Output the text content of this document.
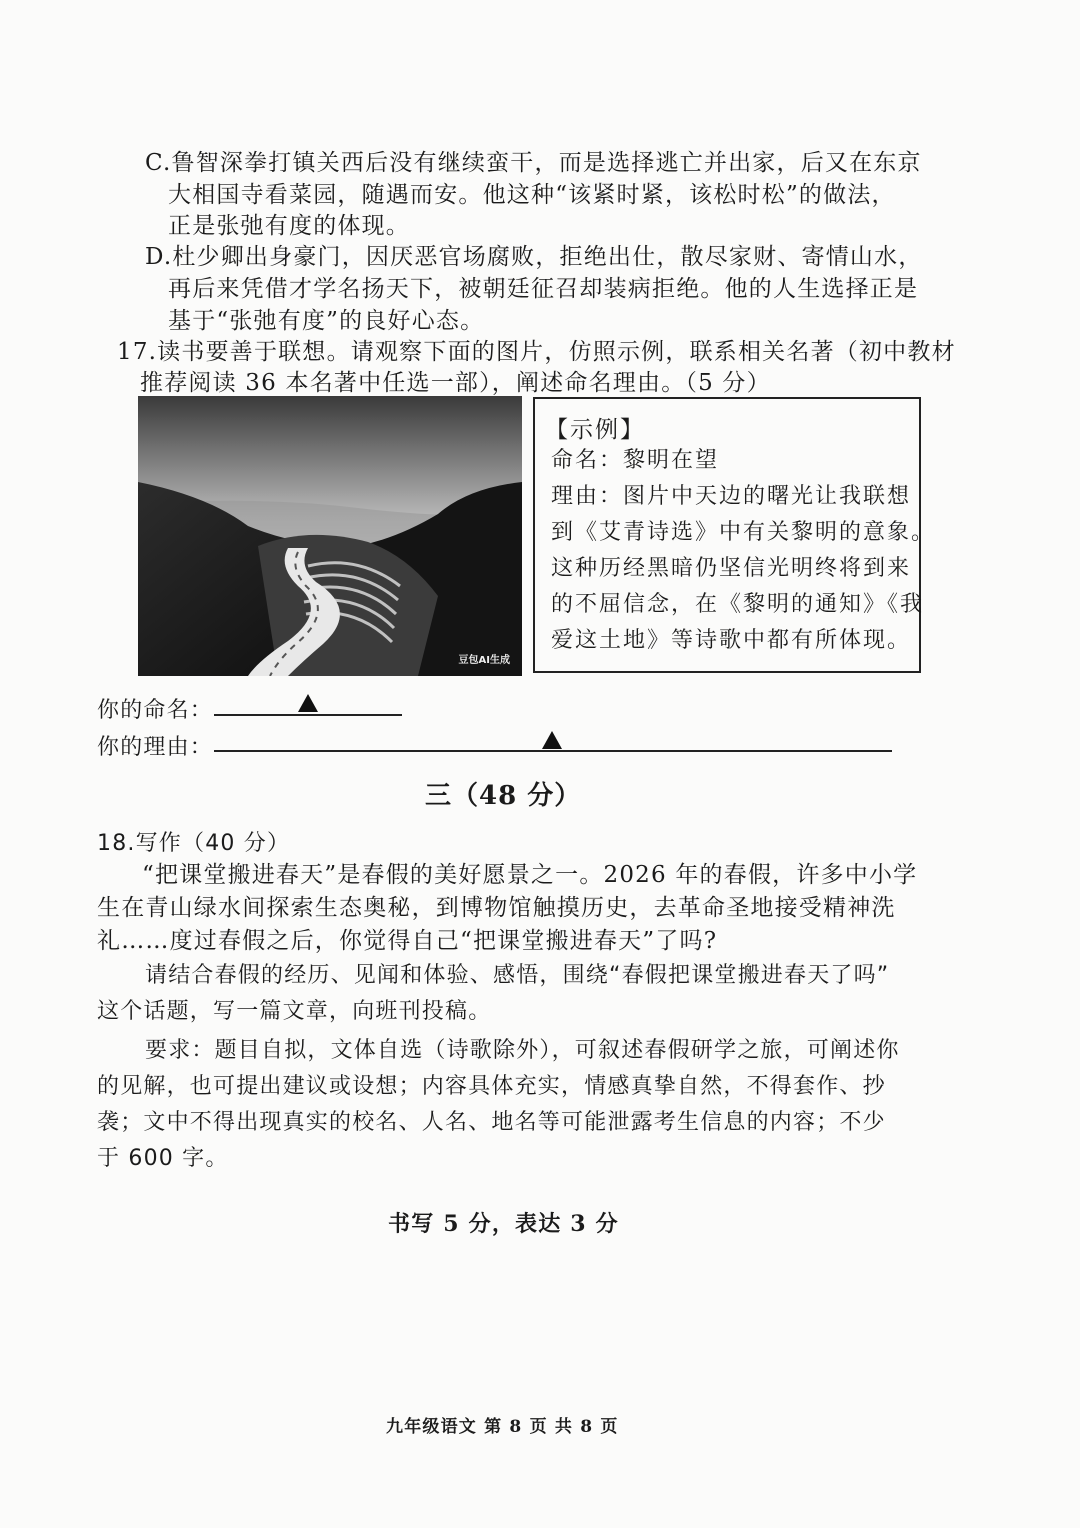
C.鲁智深拳打镇关西后没有继续蛮干，而是选择逃亡并出家，后又在东京
大相国寺看菜园，随遇而安。他这种“该紧时紧，该松时松”的做法，
正是张弛有度的体现。
D.杜少卿出身豪门，因厌恶官场腐败，拒绝出仕，散尽家财、寄情山水，
再后来凭借才学名扬天下，被朝廷征召却装病拒绝。他的人生选择正是
基于“张弛有度”的良好心态。
17.读书要善于联想。请观察下面的图片，仿照示例，联系相关名著（初中教材
推荐阅读 36 本名著中任选一部），阐述命名理由。（5 分）
豆包AI生成
【示例】
命名：黎明在望
理由：图片中天边的曙光让我联想
到《艾青诗选》中有关黎明的意象。
这种历经黑暗仍坚信光明终将到来
的不屈信念，在《黎明的通知》《我
爱这土地》等诗歌中都有所体现。
你的命名：
你的理由：
三（48 分）
18.写作（40 分）
“把课堂搬进春天”是春假的美好愿景之一。2026 年的春假，许多中小学
生在青山绿水间探索生态奥秘，到博物馆触摸历史，去革命圣地接受精神洗
礼……度过春假之后，你觉得自己“把课堂搬进春天”了吗?
请结合春假的经历、见闻和体验、感悟，围绕“春假把课堂搬进春天了吗”
这个话题，写一篇文章，向班刊投稿。
要求：题目自拟，文体自选（诗歌除外），可叙述春假研学之旅，可阐述你
的见解，也可提出建议或设想；内容具体充实，情感真挚自然，不得套作、抄
袭；文中不得出现真实的校名、人名、地名等可能泄露考生信息的内容；不少
于 600 字。
书写 5 分，表达 3 分
九年级语文 第 8 页 共 8 页
